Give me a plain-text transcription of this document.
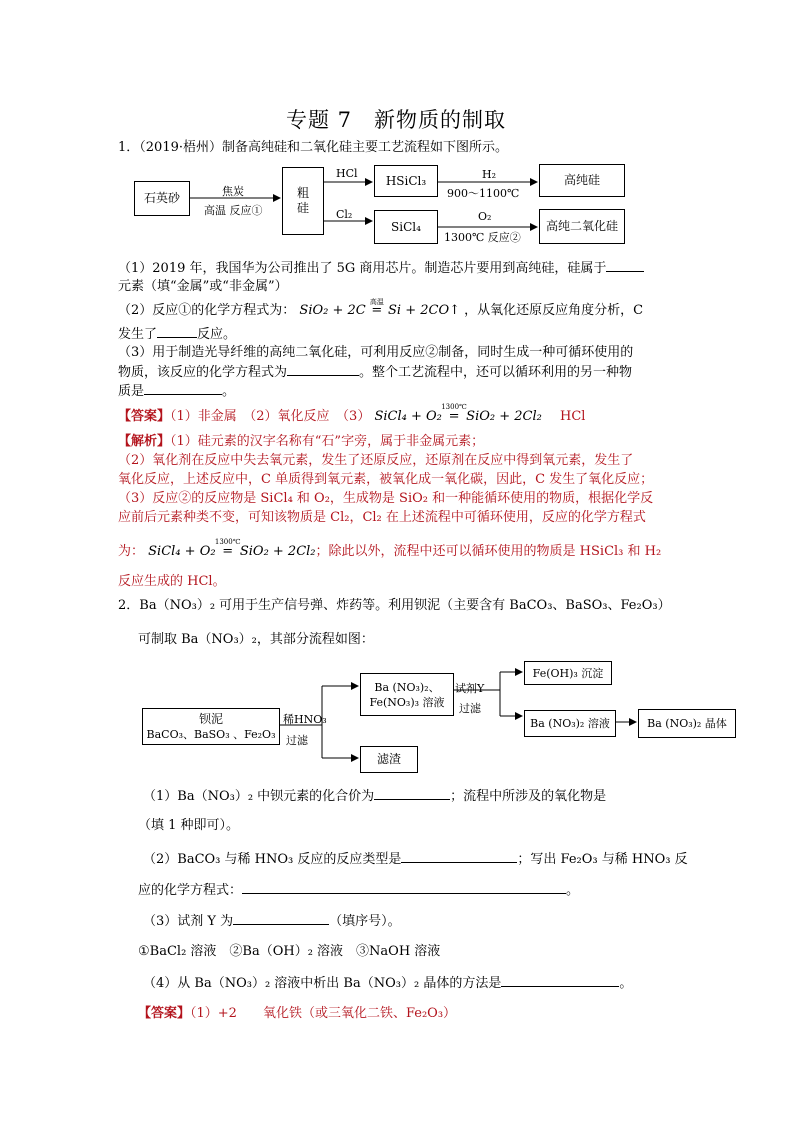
专题 7　新物质的制取
1．（2019·梧州）制备高纯硅和二氧化硅主要工艺流程如下图所示。
石英砂	焦炭
高温 反应①
粗
硅
HCl	HSiCl₃	H₂
900～1100℃
高纯硅
Cl₂
SiCl₄
O₂
1300℃ 反应②
高纯二氧化硅
（1）2019 年，我国华为公司推出了 5G 商用芯片。制造芯片要用到高纯硅，硅属于
元素（填“金属”或“非金属”）
（2）反应①的化学方程式为： SiO₂ + 2C
高温
= Si + 2CO↑ ，从氧化还原反应角度分析，C
发生了	反应。
（3）用于制造光导纤维的高纯二氧化硅，可利用反应②制备，同时生成一种可循环使用的
物质，该反应的化学方程式为	。整个工艺流程中，还可以循环利用的另一种物
质是	。
【答案】（1）非金属　（2）氧化反应　（3） SiCl₄ + O₂
1300℃
= SiO₂ + 2Cl₂ HCl
【解析】（1）硅元素的汉字名称有“石”字旁，属于非金属元素；
（2）氧化剂在反应中失去氧元素，发生了还原反应，还原剂在反应中得到氧元素，发生了
氧化反应，上述反应中，C 单质得到氧元素，被氧化成一氧化碳，因此，C 发生了氧化反应；
（3）反应②的反应物是 SiCl₄ 和 O₂，生成物是 SiO₂ 和一种能循环使用的物质，根据化学反
应前后元素种类不变，可知该物质是 Cl₂，Cl₂ 在上述流程中可循环使用，反应的化学方程式
为： SiCl₄ + O₂
1300℃
= SiO₂ + 2Cl₂；除此以外，流程中还可以循环使用的物质是 HSiCl₃ 和 H₂
反应生成的 HCl。
2．Ba（NO₃）₂ 可用于生产信号弹、炸药等。利用钡泥（主要含有 BaCO₃、BaSO₃、Fe₂O₃）
可制取 Ba（NO₃）₂，其部分流程如图：
钡泥
BaCO₃、BaSO₃ 、Fe₂O₃
稀HNO₃
过滤
Ba (NO₃)₂、
Fe(NO₃)₃ 溶液
滤渣
试剂Y
过滤
Fe(OH)₃ 沉淀
Ba (NO₃)₂ 溶液	Ba (NO₃)₂ 晶体
（1）Ba（NO₃）₂ 中钡元素的化合价为	；流程中所涉及的氧化物是
（填 1 种即可）。
（2）BaCO₃ 与稀 HNO₃ 反应的反应类型是	；写出 Fe₂O₃ 与稀 HNO₃ 反
应的化学方程式：	。
（3）试剂 Y 为	（填序号）。
①BaCl₂ 溶液　②Ba（OH）₂ 溶液　③NaOH 溶液
（4）从 Ba（NO₃）₂ 溶液中析出 Ba（NO₃）₂ 晶体的方法是	。
【答案】（1）+2　　氧化铁（或三氧化二铁、Fe₂O₃）
